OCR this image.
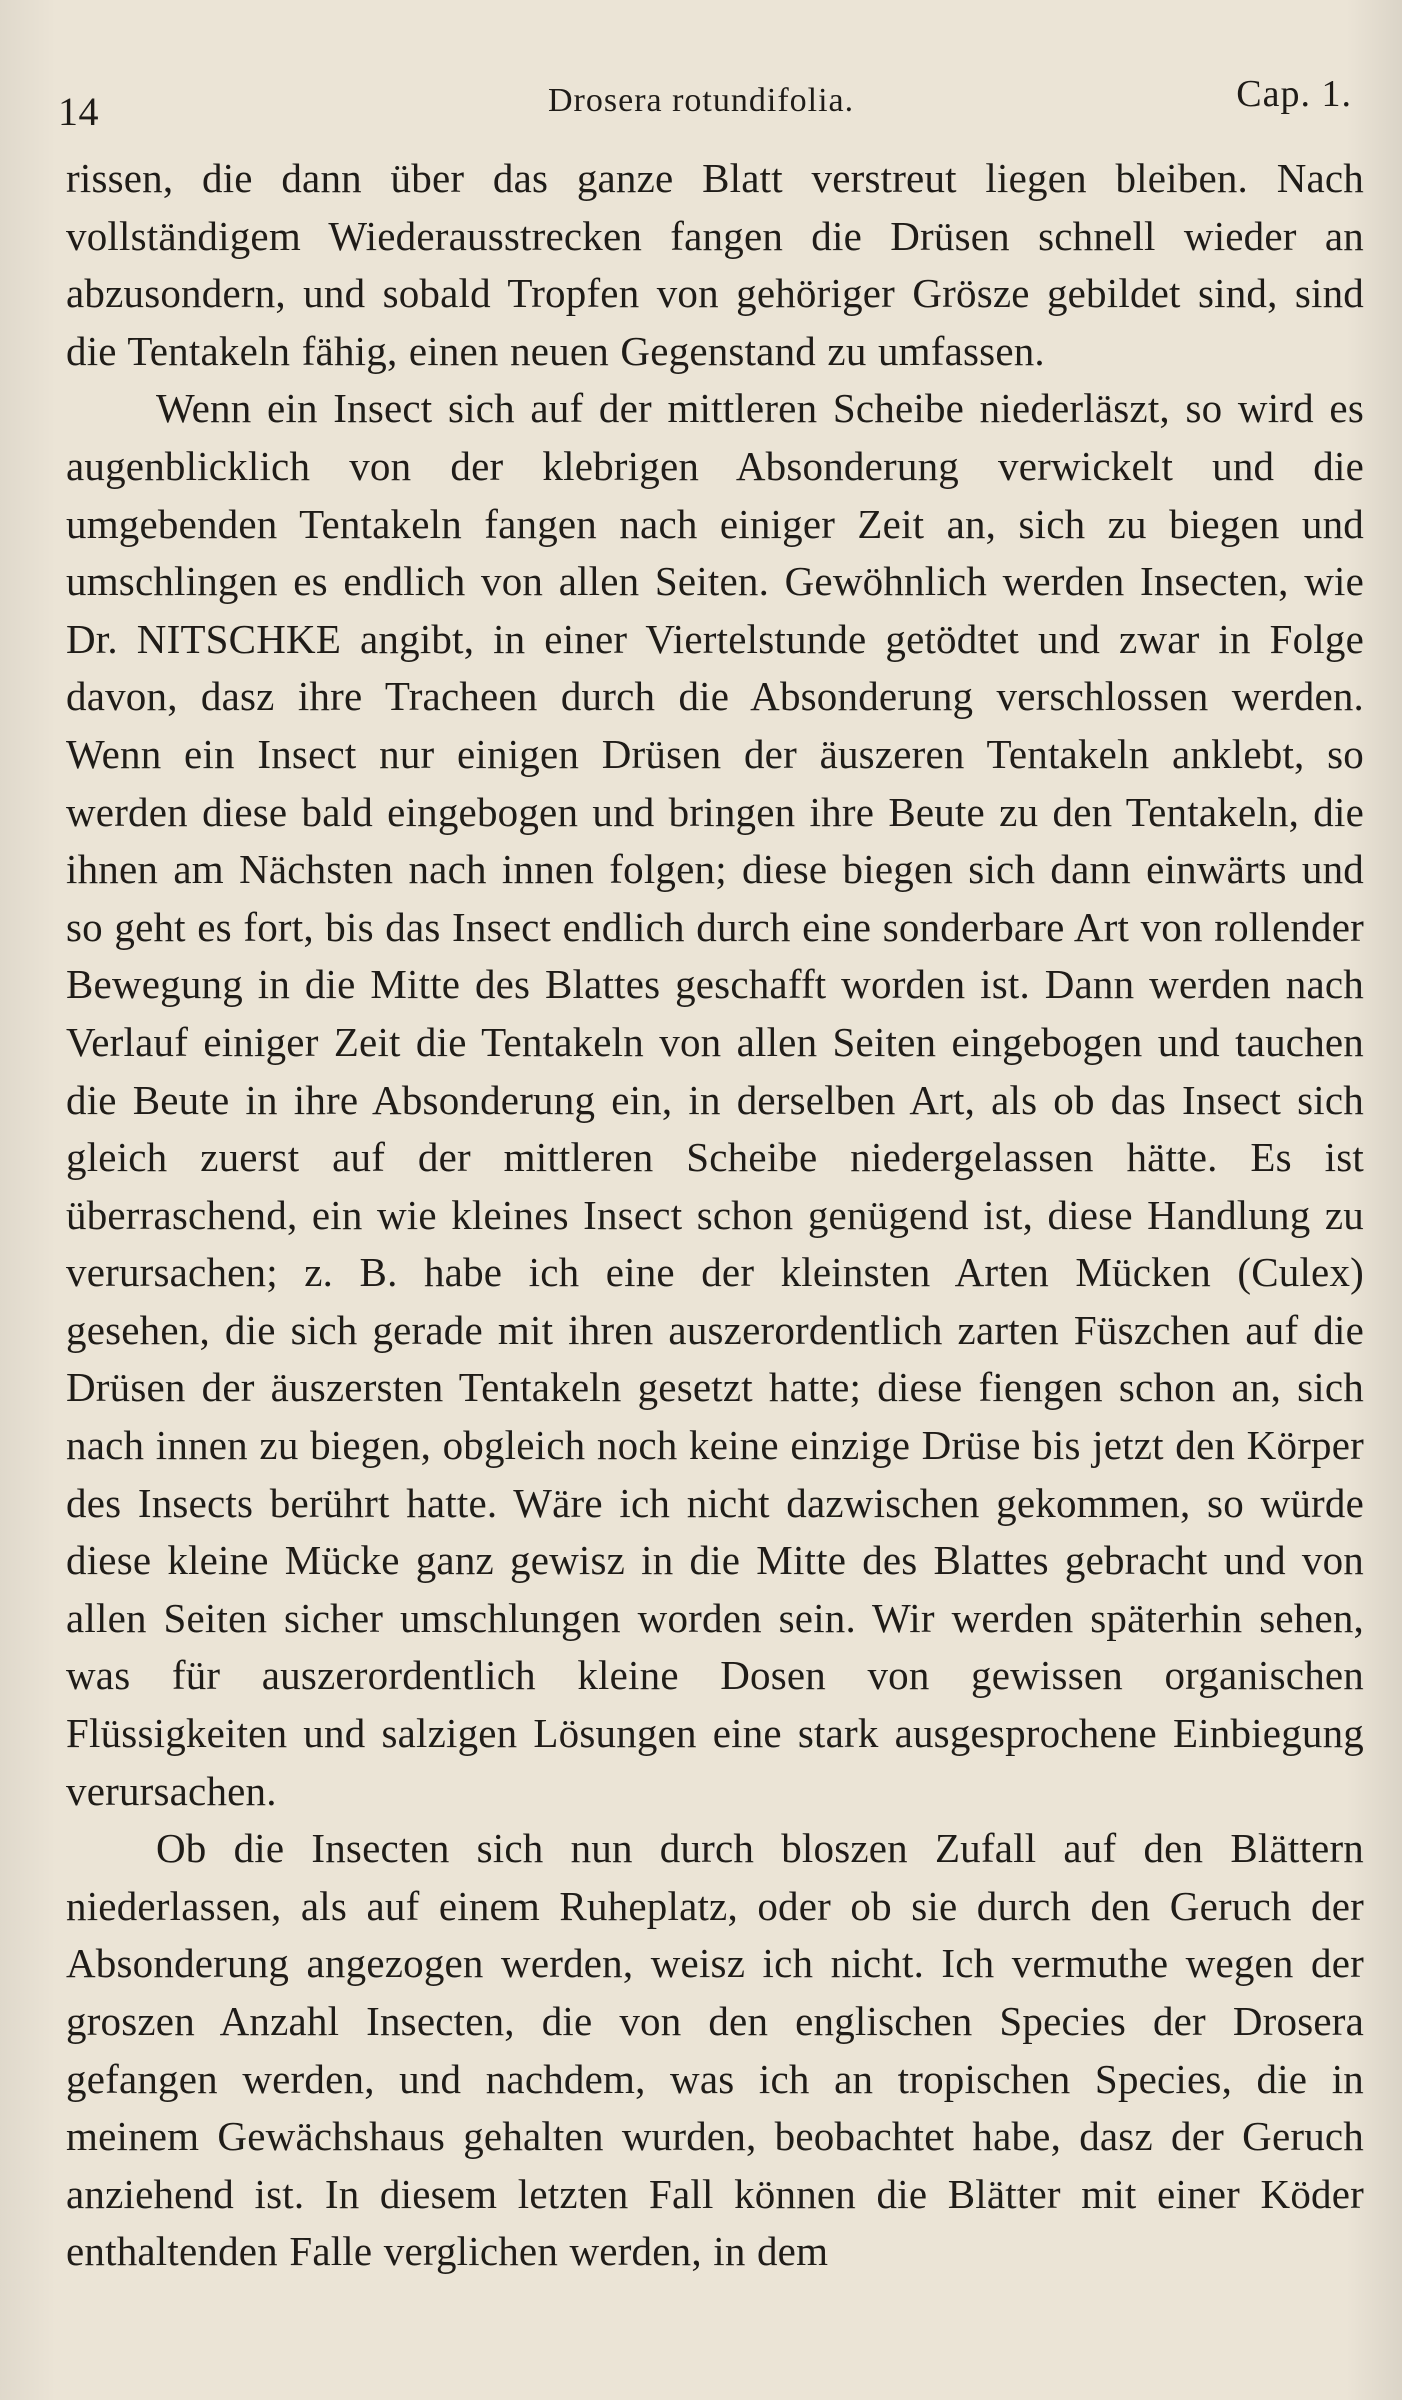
14	Drosera rotundifolia.	Cap. 1.

rissen, die dann über das ganze Blatt verstreut liegen bleiben. Nach vollständigem Wiederausstrecken fangen die Drüsen schnell wieder an abzusondern, und sobald Tropfen von gehöriger Grösze gebildet sind, sind die Tentakeln fähig, einen neuen Gegenstand zu umfassen.

Wenn ein Insect sich auf der mittleren Scheibe niederläszt, so wird es augenblicklich von der klebrigen Absonderung verwickelt und die umgebenden Tentakeln fangen nach einiger Zeit an, sich zu biegen und umschlingen es endlich von allen Seiten. Gewöhnlich werden Insecten, wie Dr. NITSCHKE angibt, in einer Viertelstunde getödtet und zwar in Folge davon, dasz ihre Tracheen durch die Absonderung verschlossen werden. Wenn ein Insect nur einigen Drüsen der äuszeren Tentakeln anklebt, so werden diese bald eingebogen und bringen ihre Beute zu den Tentakeln, die ihnen am Nächsten nach innen folgen; diese biegen sich dann einwärts und so geht es fort, bis das Insect endlich durch eine sonderbare Art von rollender Bewegung in die Mitte des Blattes geschafft worden ist. Dann werden nach Verlauf einiger Zeit die Tentakeln von allen Seiten eingebogen und tauchen die Beute in ihre Absonderung ein, in derselben Art, als ob das Insect sich gleich zuerst auf der mittleren Scheibe niedergelassen hätte. Es ist überraschend, ein wie kleines Insect schon genügend ist, diese Handlung zu verursachen; z. B. habe ich eine der kleinsten Arten Mücken (Culex) gesehen, die sich gerade mit ihren auszerordentlich zarten Füszchen auf die Drüsen der äuszersten Tentakeln gesetzt hatte; diese fiengen schon an, sich nach innen zu biegen, obgleich noch keine einzige Drüse bis jetzt den Körper des Insects berührt hatte. Wäre ich nicht dazwischen gekommen, so würde diese kleine Mücke ganz gewisz in die Mitte des Blattes gebracht und von allen Seiten sicher umschlungen worden sein. Wir werden späterhin sehen, was für auszerordentlich kleine Dosen von gewissen organischen Flüssigkeiten und salzigen Lösungen eine stark ausgesprochene Einbiegung verursachen.

Ob die Insecten sich nun durch bloszen Zufall auf den Blättern niederlassen, als auf einem Ruheplatz, oder ob sie durch den Geruch der Absonderung angezogen werden, weisz ich nicht. Ich vermuthe wegen der groszen Anzahl Insecten, die von den englischen Species der Drosera gefangen werden, und nachdem, was ich an tropischen Species, die in meinem Gewächshaus gehalten wurden, beobachtet habe, dasz der Geruch anziehend ist. In diesem letzten Fall können die Blätter mit einer Köder enthaltenden Falle verglichen werden, in dem
